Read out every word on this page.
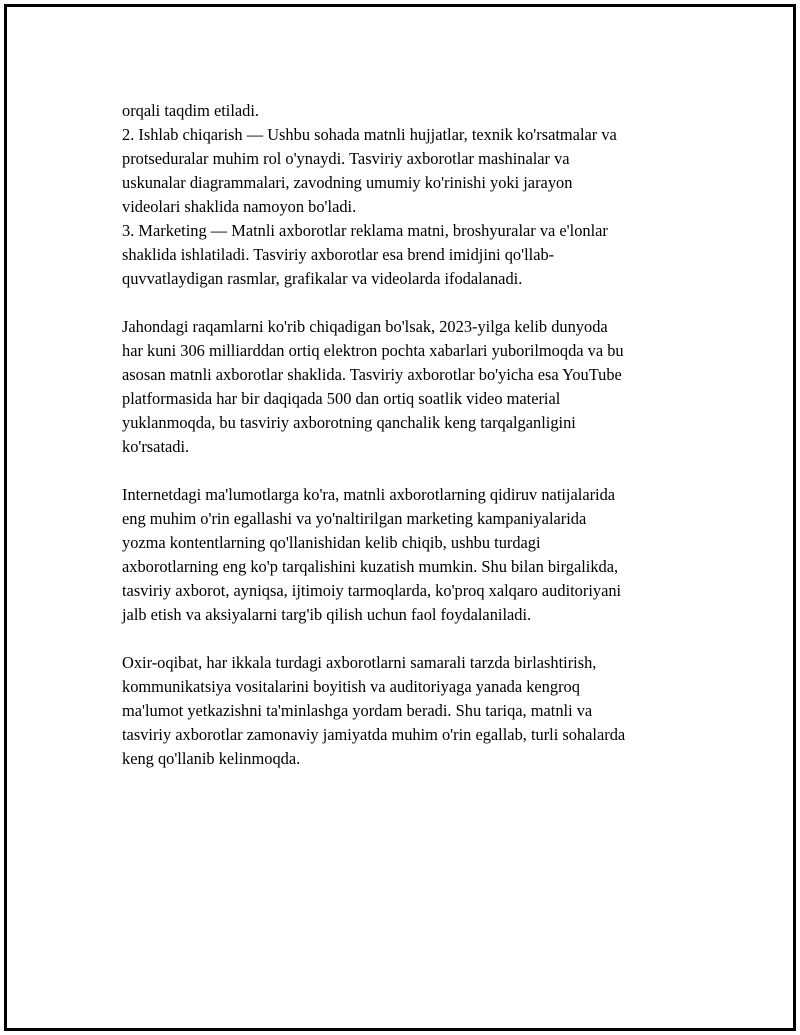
orqali taqdim etiladi.
2. Ishlab chiqarish — Ushbu sohada matnli hujjatlar, texnik ko'rsatmalar va
protseduralar muhim rol o'ynaydi. Tasviriy axborotlar mashinalar va
uskunalar diagrammalari, zavodning umumiy ko'rinishi yoki jarayon
videolari shaklida namoyon bo'ladi.
3. Marketing — Matnli axborotlar reklama matni, broshyuralar va e'lonlar
shaklida ishlatiladi. Tasviriy axborotlar esa brend imidjini qo'llab-
quvvatlaydigan rasmlar, grafikalar va videolarda ifodalanadi.
Jahondagi raqamlarni ko'rib chiqadigan bo'lsak, 2023-yilga kelib dunyoda
har kuni 306 milliarddan ortiq elektron pochta xabarlari yuborilmoqda va bu
asosan matnli axborotlar shaklida. Tasviriy axborotlar bo'yicha esa YouTube
platformasida har bir daqiqada 500 dan ortiq soatlik video material
yuklanmoqda, bu tasviriy axborotning qanchalik keng tarqalganligini
ko'rsatadi.
Internetdagi ma'lumotlarga ko'ra, matnli axborotlarning qidiruv natijalarida
eng muhim o'rin egallashi va yo'naltirilgan marketing kampaniyalarida
yozma kontentlarning qo'llanishidan kelib chiqib, ushbu turdagi
axborotlarning eng ko'p tarqalishini kuzatish mumkin. Shu bilan birgalikda,
tasviriy axborot, ayniqsa, ijtimoiy tarmoqlarda, ko'proq xalqaro auditoriyani
jalb etish va aksiyalarni targ'ib qilish uchun faol foydalaniladi.
Oxir-oqibat, har ikkala turdagi axborotlarni samarali tarzda birlashtirish,
kommunikatsiya vositalarini boyitish va auditoriyaga yanada kengroq
ma'lumot yetkazishni ta'minlashga yordam beradi. Shu tariqa, matnli va
tasviriy axborotlar zamonaviy jamiyatda muhim o'rin egallab, turli sohalarda
keng qo'llanib kelinmoqda.
